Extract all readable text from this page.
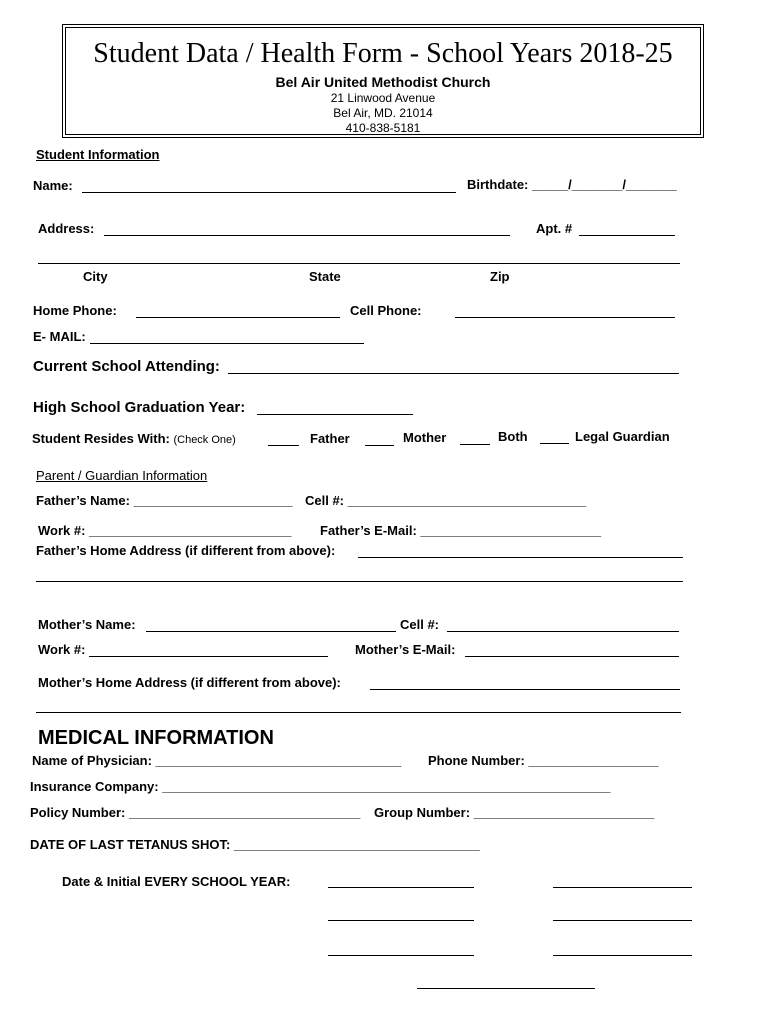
Student Data / Health Form - School Years 2018-25
Bel Air United Methodist Church
21 Linwood Avenue
Bel Air, MD. 21014
410-838-5181
Student Information
Name:	Birthdate: _____/_______/_______
Address:	Apt. #
City	State	Zip
Home Phone:	Cell Phone:
E- MAIL:
Current School Attending:
High School Graduation Year:
Student Resides With: (Check One)	Father	Mother	Both	Legal Guardian
Parent / Guardian Information
Father’s Name: ______________________ Cell #: _________________________________
Work #: ____________________________ Father’s E-Mail: _________________________
Father’s Home Address (if different from above):
Mother’s Name:	Cell #:
Work #:	Mother’s E-Mail:
Mother’s Home Address (if different from above):
MEDICAL INFORMATION
Name of Physician: __________________________________ Phone Number: __________________
Insurance Company: ______________________________________________________________
Policy Number: ________________________________ Group Number: _________________________
DATE OF LAST TETANUS SHOT: __________________________________
Date & Initial EVERY SCHOOL YEAR:
